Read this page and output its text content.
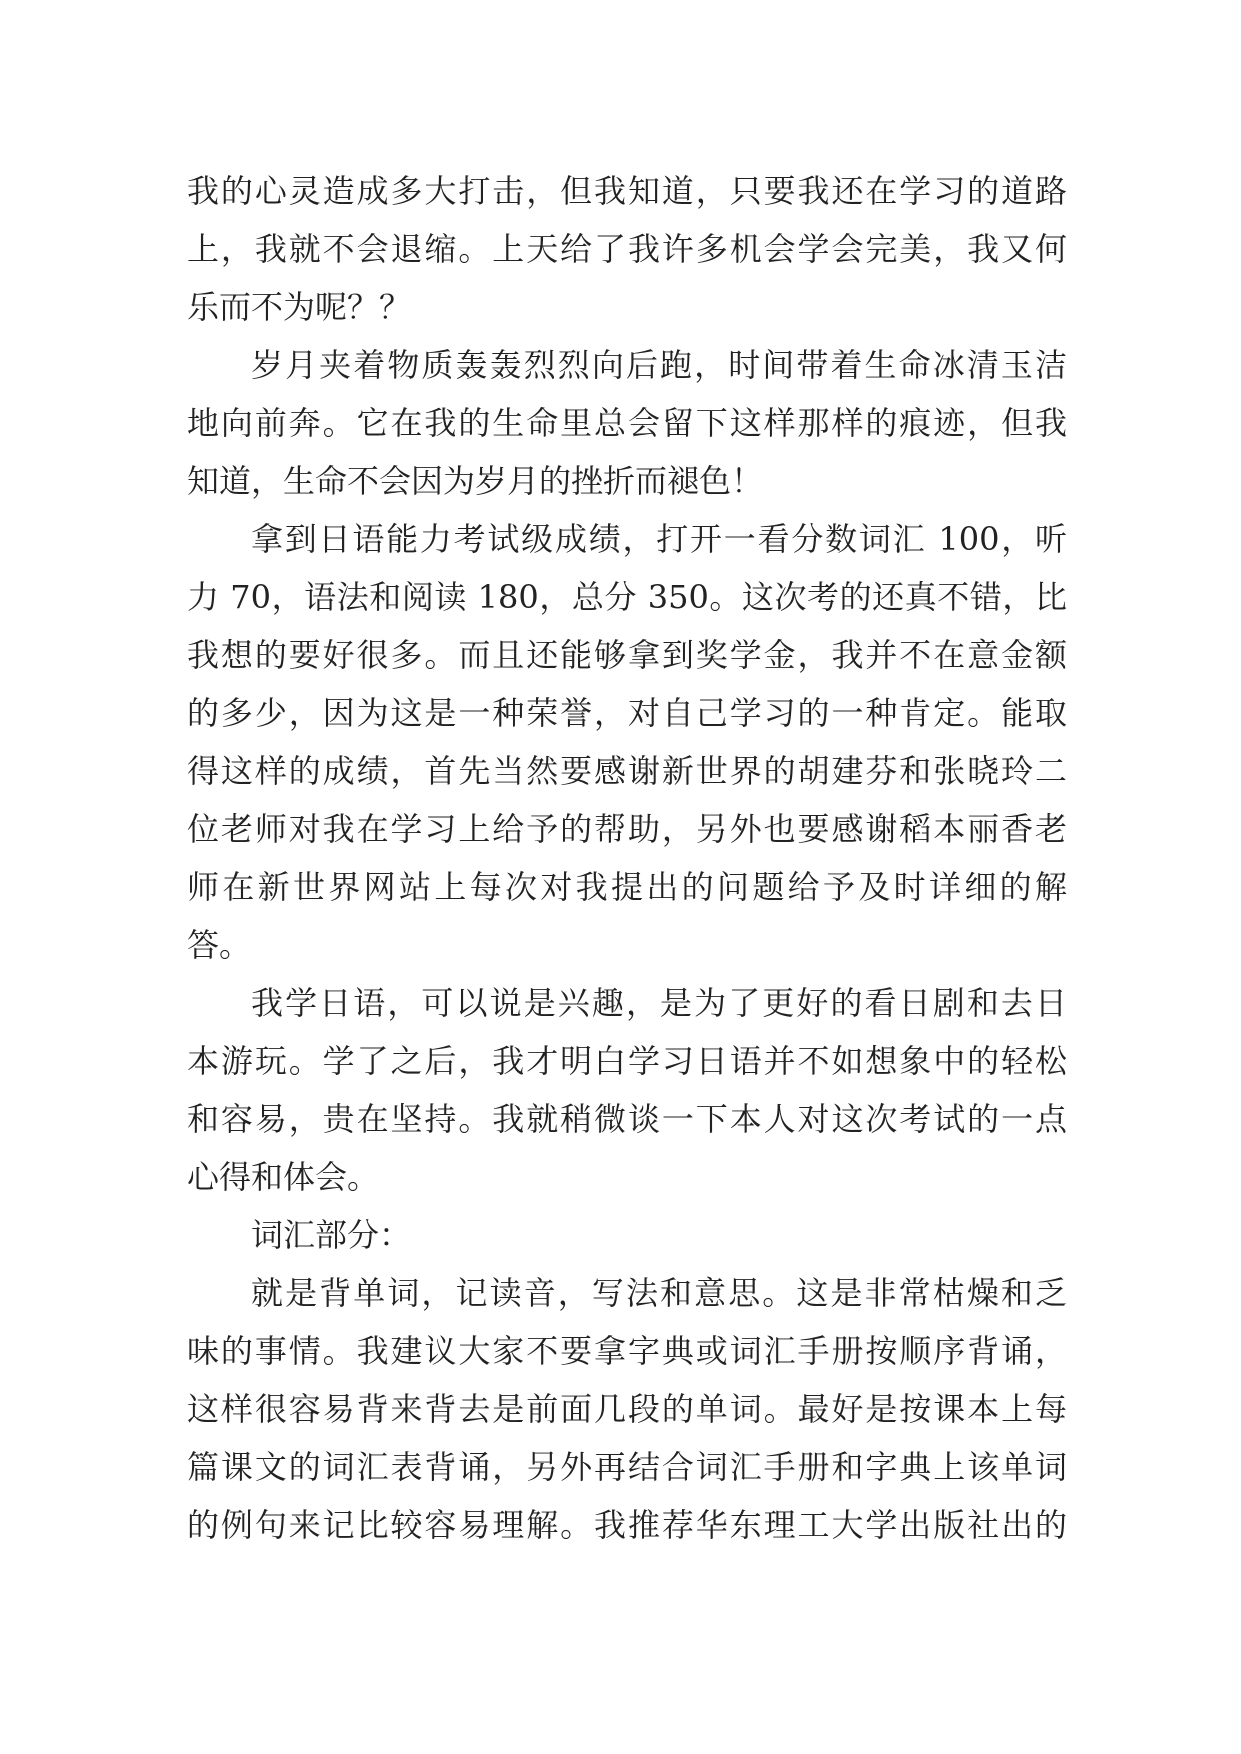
我的心灵造成多大打击，但我知道，只要我还在学习的道路
上，我就不会退缩。上天给了我许多机会学会完美，我又何
乐而不为呢？？
岁月夹着物质轰轰烈烈向后跑，时间带着生命冰清玉洁
地向前奔。它在我的生命里总会留下这样那样的痕迹，但我
知道，生命不会因为岁月的挫折而褪色！
拿到日语能力考试级成绩，打开一看分数词汇 100，听
力 70，语法和阅读 180，总分 350。这次考的还真不错，比
我想的要好很多。而且还能够拿到奖学金，我并不在意金额
的多少，因为这是一种荣誉，对自己学习的一种肯定。能取
得这样的成绩，首先当然要感谢新世界的胡建芬和张晓玲二
位老师对我在学习上给予的帮助，另外也要感谢稻本丽香老
师在新世界网站上每次对我提出的问题给予及时详细的解
答。
我学日语，可以说是兴趣，是为了更好的看日剧和去日
本游玩。学了之后，我才明白学习日语并不如想象中的轻松
和容易，贵在坚持。我就稍微谈一下本人对这次考试的一点
心得和体会。
词汇部分：
就是背单词，记读音，写法和意思。这是非常枯燥和乏
味的事情。我建议大家不要拿字典或词汇手册按顺序背诵，
这样很容易背来背去是前面几段的单词。最好是按课本上每
篇课文的词汇表背诵，另外再结合词汇手册和字典上该单词
的例句来记比较容易理解。我推荐华东理工大学出版社出的
